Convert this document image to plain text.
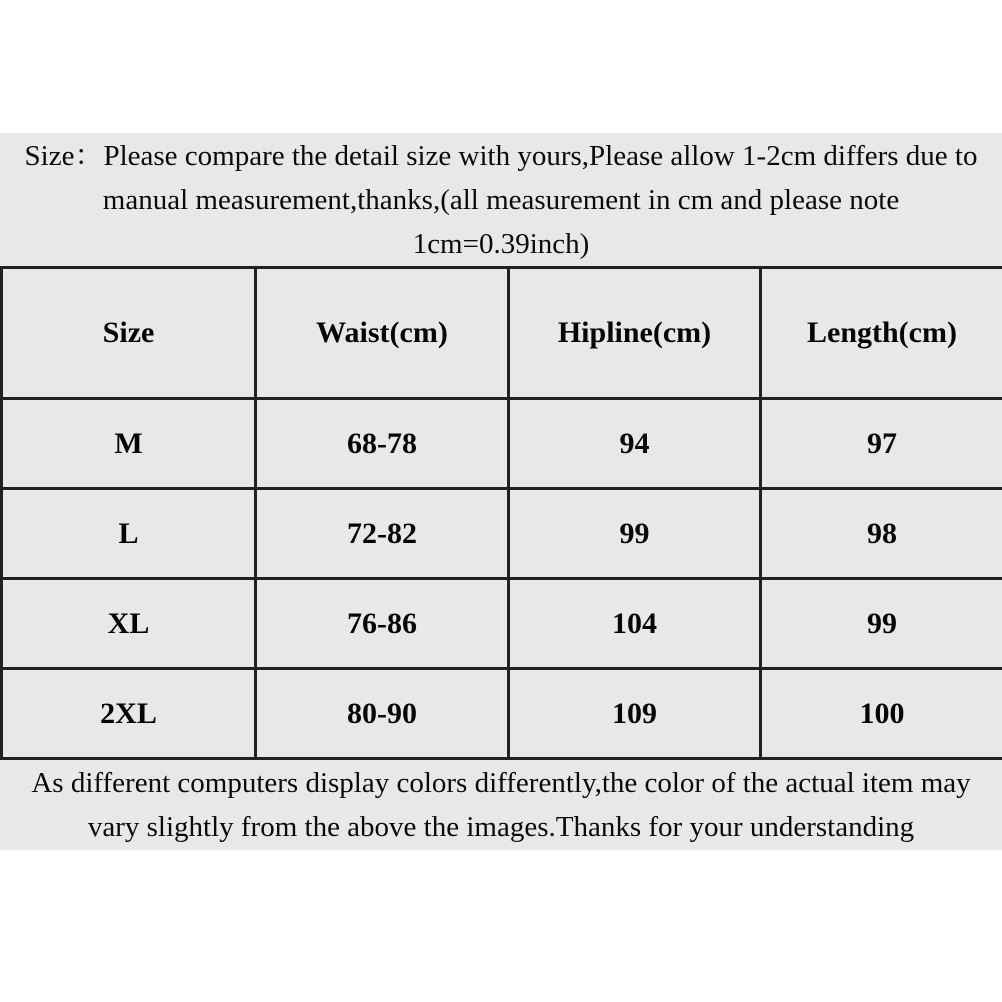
Size：Please compare the detail size with yours,Please allow 1-2cm differs due to
manual measurement,thanks,(all measurement in cm and please note
1cm=0.39inch)
Size	Waist(cm)	Hipline(cm)	Length(cm)
M	68-78	94	97
L	72-82	99	98
XL	76-86	104	99
2XL	80-90	109	100
As different computers display colors differently,the color of the actual item may
vary slightly from the above the images.Thanks for your understanding
